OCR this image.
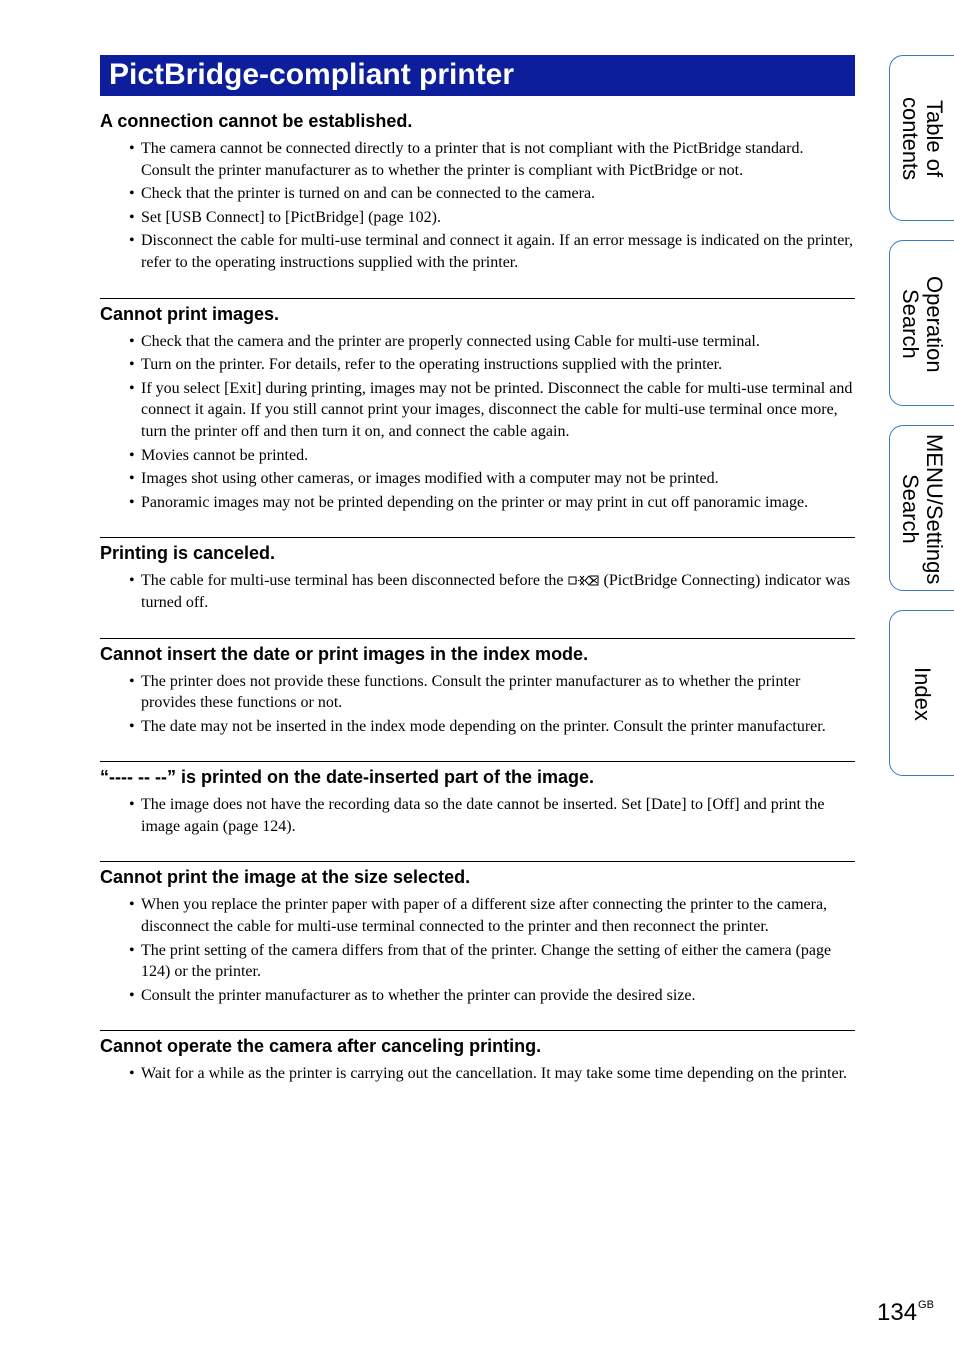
PictBridge-compliant printer
A connection cannot be established.
• The camera cannot be connected directly to a printer that is not compliant with the PictBridge standard. Consult the printer manufacturer as to whether the printer is compliant with PictBridge or not.
• Check that the printer is turned on and can be connected to the camera.
• Set [USB Connect] to [PictBridge] (page 102).
• Disconnect the cable for multi-use terminal and connect it again. If an error message is indicated on the printer, refer to the operating instructions supplied with the printer.
Cannot print images.
• Check that the camera and the printer are properly connected using Cable for multi-use terminal.
• Turn on the printer. For details, refer to the operating instructions supplied with the printer.
• If you select [Exit] during printing, images may not be printed. Disconnect the cable for multi-use terminal and connect it again. If you still cannot print your images, disconnect the cable for multi-use terminal once more, turn the printer off and then turn it on, and connect the cable again.
• Movies cannot be printed.
• Images shot using other cameras, or images modified with a computer may not be printed.
• Panoramic images may not be printed depending on the printer or may print in cut off panoramic image.
Printing is canceled.
• The cable for multi-use terminal has been disconnected before the	(PictBridge Connecting) indicator was turned off.
Cannot insert the date or print images in the index mode.
• The printer does not provide these functions. Consult the printer manufacturer as to whether the printer provides these functions or not.
• The date may not be inserted in the index mode depending on the printer. Consult the printer manufacturer.
“---- -- --” is printed on the date-inserted part of the image.
• The image does not have the recording data so the date cannot be inserted. Set [Date] to [Off] and print the image again (page 124).
Cannot print the image at the size selected.
• When you replace the printer paper with paper of a different size after connecting the printer to the camera, disconnect the cable for multi-use terminal connected to the printer and then reconnect the printer.
• The print setting of the camera differs from that of the printer. Change the setting of either the camera (page 124) or the printer.
• Consult the printer manufacturer as to whether the printer can provide the desired size.
Cannot operate the camera after canceling printing.
• Wait for a while as the printer is carrying out the cancellation. It may take some time depending on the printer.
Table of
contents
Operation
Search
MENU/Settings
Search
Index
$134^{GB}$
